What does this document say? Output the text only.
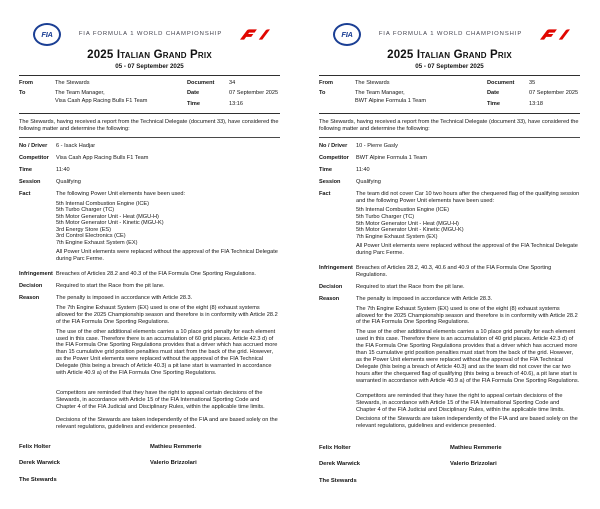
FIA	FIA FORMULA 1 WORLD CHAMPIONSHIP
2025 Italian Grand Prix
05 - 07 September 2025
From	The Stewards
To	The Team Manager,
Visa Cash App Racing Bulls F1 Team
Document	34
Date	07 September 2025
Time	13:16

The Stewards, having received a report from the Technical Delegate (document 33), have considered the following matter and determine the following:

No / Driver	6 - Isack Hadjar
Competitor	Visa Cash App Racing Bulls F1 Team
Time	11:40
Session	Qualifying
Fact	The following Power Unit elements have been used:

5th Internal Combustion Engine (ICE)
5th Turbo Charger (TC)
5th Motor Generator Unit - Heat (MGU-H)
5th Motor Generator Unit - Kinetic (MGU-K)
3rd Energy Store (ES)
3rd Control Electronics (CE)
7th Engine Exhaust System (EX)

All Power Unit elements were replaced without the approval of the FIA Technical Delegate during Parc Ferme.

Infringement Breaches of Articles 28.2 and 40.3 of the FIA Formula One Sporting Regulations.
Decision	Required to start the Race from the pit lane.
Reason	The penalty is imposed in accordance with Article 28.3.

The 7th Engine Exhaust System (EX) used is one of the eight (8) exhaust systems allowed for the 2025 Championship season and therefore is in conformity with Article 28.2 of the FIA Formula One Sporting Regulations.

The use of the other additional elements carries a 10 place grid penalty for each element used in this case. Therefore there is an accumulation of 60 grid places. Article 42.3 d) of the FIA Formula One Sporting Regulations provides that a driver which has accrued more than 15 cumulative grid position penalties must start from the back of the grid. However, as the Power Unit elements were replaced without the approval of the FIA Technical Delegate (this being a breach of Article 40.3) a pit lane start is warranted in accordance with Article 40.9 a) of the FIA Formula One Sporting Regulations.

Competitors are reminded that they have the right to appeal certain decisions of the Stewards, in accordance with Article 15 of the FIA International Sporting Code and Chapter 4 of the FIA Judicial and Disciplinary Rules, within the applicable time limits.

Decisions of the Stewards are taken independently of the FIA and are based solely on the relevant regulations, guidelines and evidence presented.

Felix Holter	Mathieu Remmerie
Derek Warwick	Valerio Brizzolari
The Stewards
FIA	FIA FORMULA 1 WORLD CHAMPIONSHIP
2025 Italian Grand Prix
05 - 07 September 2025
From	The Stewards
To	The Team Manager,
BWT Alpine Formula 1 Team
Document	35
Date	07 September 2025
Time	13:18

The Stewards, having received a report from the Technical Delegate (document 33), have considered the following matter and determine the following:

No / Driver	10 - Pierre Gasly
Competitor	BWT Alpine Formula 1 Team
Time	11:40
Session	Qualifying
Fact	The team did not cover Car 10 two hours after the chequered flag of the qualifying session and the following Power Unit elements have been used:

5th Internal Combustion Engine (ICE)
5th Turbo Charger (TC)
5th Motor Generator Unit - Heat (MGU-H)
5th Motor Generator Unit - Kinetic (MGU-K)
7th Engine Exhaust System (EX)

All Power Unit elements were replaced without the approval of the FIA Technical Delegate during Parc Ferme.

Infringement Breaches of Articles 28.2, 40.3, 40.6 and 40.9 of the FIA Formula One Sporting Regulations.
Decision	Required to start the Race from the pit lane.
Reason	The penalty is imposed in accordance with Article 28.3.

The 7th Engine Exhaust System (EX) used is one of the eight (8) exhaust systems allowed for the 2025 Championship season and therefore is in conformity with Article 28.2 of the FIA Formula One Sporting Regulations.

The use of the other additional elements carries a 10 place grid penalty for each element used in this case. Therefore there is an accumulation of 40 grid places. Article 42.3 d) of the FIA Formula One Sporting Regulations provides that a driver which has accrued more than 15 cumulative grid position penalties must start from the back of the grid. However, as the Power Unit elements were replaced without the approval of the FIA Technical Delegate (this being a breach of Article 40.3) and as the team did not cover the car two hours after the chequered flag of qualifying (this being a breach of 40.6), a pit lane start is warranted in accordance with Article 40.9 a) of the FIA Formula One Sporting Regulations.

Competitors are reminded that they have the right to appeal certain decisions of the Stewards, in accordance with Article 15 of the FIA International Sporting Code and Chapter 4 of the FIA Judicial and Disciplinary Rules, within the applicable time limits.

Decisions of the Stewards are taken independently of the FIA and are based solely on the relevant regulations, guidelines and evidence presented.

Felix Holter	Mathieu Remmerie
Derek Warwick	Valerio Brizzolari
The Stewards
